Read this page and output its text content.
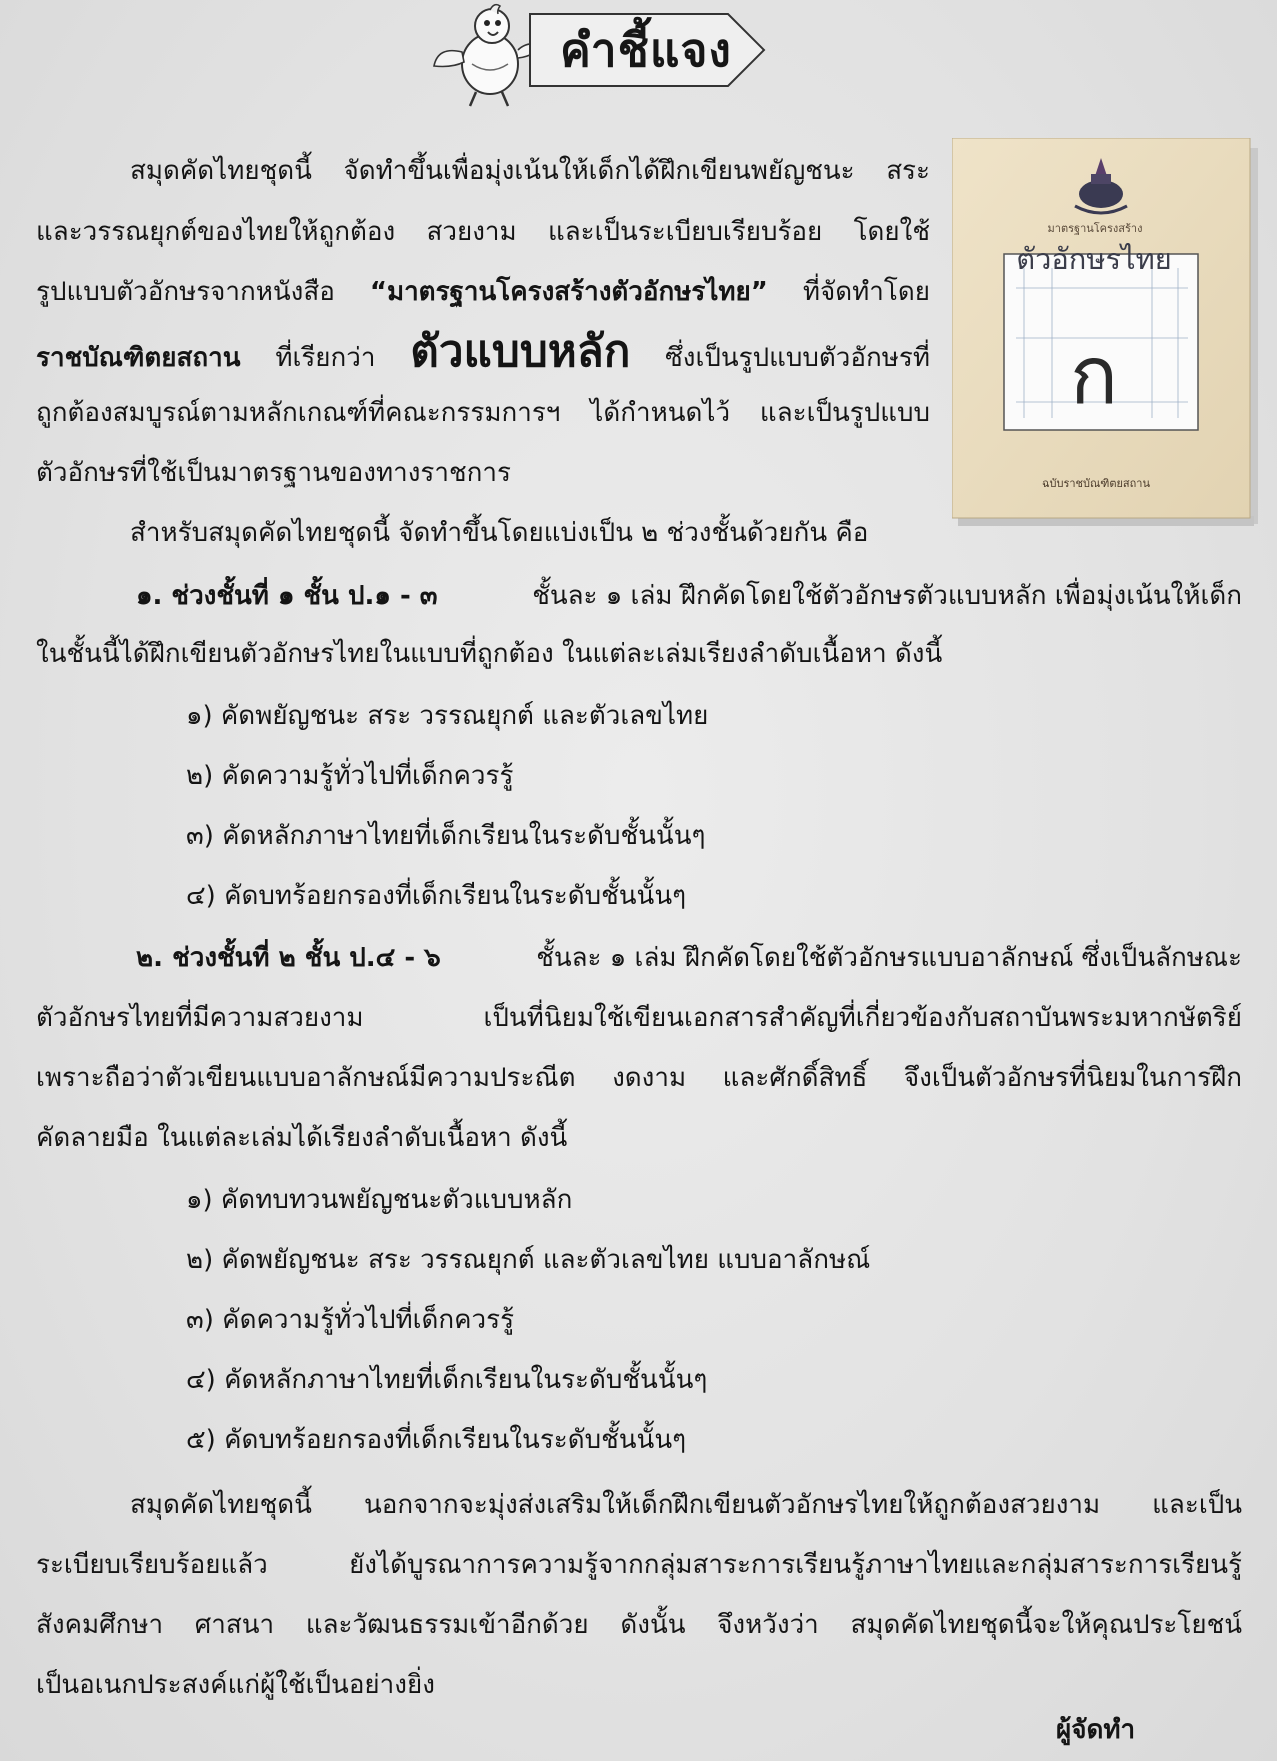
คำชี้แจง
มาตรฐานโครงสร้าง
ตัวอักษรไทย
ก
ฉบับราชบัณฑิตยสถาน
สมุดคัดไทยชุดนี้ จัดทำขึ้นเพื่อมุ่งเน้นให้เด็กได้ฝึกเขียนพยัญชนะ สระ
และวรรณยุกต์ของไทยให้ถูกต้อง สวยงาม และเป็นระเบียบเรียบร้อย โดยใช้
รูปแบบตัวอักษรจากหนังสือ “มาตรฐานโครงสร้างตัวอักษรไทย” ที่จัดทำโดย
ราชบัณฑิตยสถาน ที่เรียกว่า ตัวแบบหลัก ซึ่งเป็นรูปแบบตัวอักษรที่
ถูกต้องสมบูรณ์ตามหลักเกณฑ์ที่คณะกรรมการฯ ได้กำหนดไว้ และเป็นรูปแบบ
ตัวอักษรที่ใช้เป็นมาตรฐานของทางราชการ
สำหรับสมุดคัดไทยชุดนี้ จัดทำขึ้นโดยแบ่งเป็น ๒ ช่วงชั้นด้วยกัน คือ
๑. ช่วงชั้นที่ ๑ ชั้น ป.๑ - ๓	ชั้นละ ๑ เล่ม ฝึกคัดโดยใช้ตัวอักษรตัวแบบหลัก เพื่อมุ่งเน้นให้เด็ก
ในชั้นนี้ได้ฝึกเขียนตัวอักษรไทยในแบบที่ถูกต้อง ในแต่ละเล่มเรียงลำดับเนื้อหา ดังนี้
๑) คัดพยัญชนะ สระ วรรณยุกต์ และตัวเลขไทย
๒) คัดความรู้ทั่วไปที่เด็กควรรู้
๓) คัดหลักภาษาไทยที่เด็กเรียนในระดับชั้นนั้นๆ
๔) คัดบทร้อยกรองที่เด็กเรียนในระดับชั้นนั้นๆ
๒. ช่วงชั้นที่ ๒ ชั้น ป.๔ - ๖	ชั้นละ ๑ เล่ม ฝึกคัดโดยใช้ตัวอักษรแบบอาลักษณ์ ซึ่งเป็นลักษณะ
ตัวอักษรไทยที่มีความสวยงาม เป็นที่นิยมใช้เขียนเอกสารสำคัญที่เกี่ยวข้องกับสถาบันพระมหากษัตริย์
เพราะถือว่าตัวเขียนแบบอาลักษณ์มีความประณีต งดงาม และศักดิ์สิทธิ์ จึงเป็นตัวอักษรที่นิยมในการฝึก
คัดลายมือ ในแต่ละเล่มได้เรียงลำดับเนื้อหา ดังนี้
๑) คัดทบทวนพยัญชนะตัวแบบหลัก
๒) คัดพยัญชนะ สระ วรรณยุกต์ และตัวเลขไทย แบบอาลักษณ์
๓) คัดความรู้ทั่วไปที่เด็กควรรู้
๔) คัดหลักภาษาไทยที่เด็กเรียนในระดับชั้นนั้นๆ
๕) คัดบทร้อยกรองที่เด็กเรียนในระดับชั้นนั้นๆ
สมุดคัดไทยชุดนี้ นอกจากจะมุ่งส่งเสริมให้เด็กฝึกเขียนตัวอักษรไทยให้ถูกต้องสวยงาม และเป็น
ระเบียบเรียบร้อยแล้ว ยังได้บูรณาการความรู้จากกลุ่มสาระการเรียนรู้ภาษาไทยและกลุ่มสาระการเรียนรู้
สังคมศึกษา ศาสนา และวัฒนธรรมเข้าอีกด้วย ดังนั้น จึงหวังว่า สมุดคัดไทยชุดนี้จะให้คุณประโยชน์
เป็นอเนกประสงค์แก่ผู้ใช้เป็นอย่างยิ่ง
ผู้จัดทำ
